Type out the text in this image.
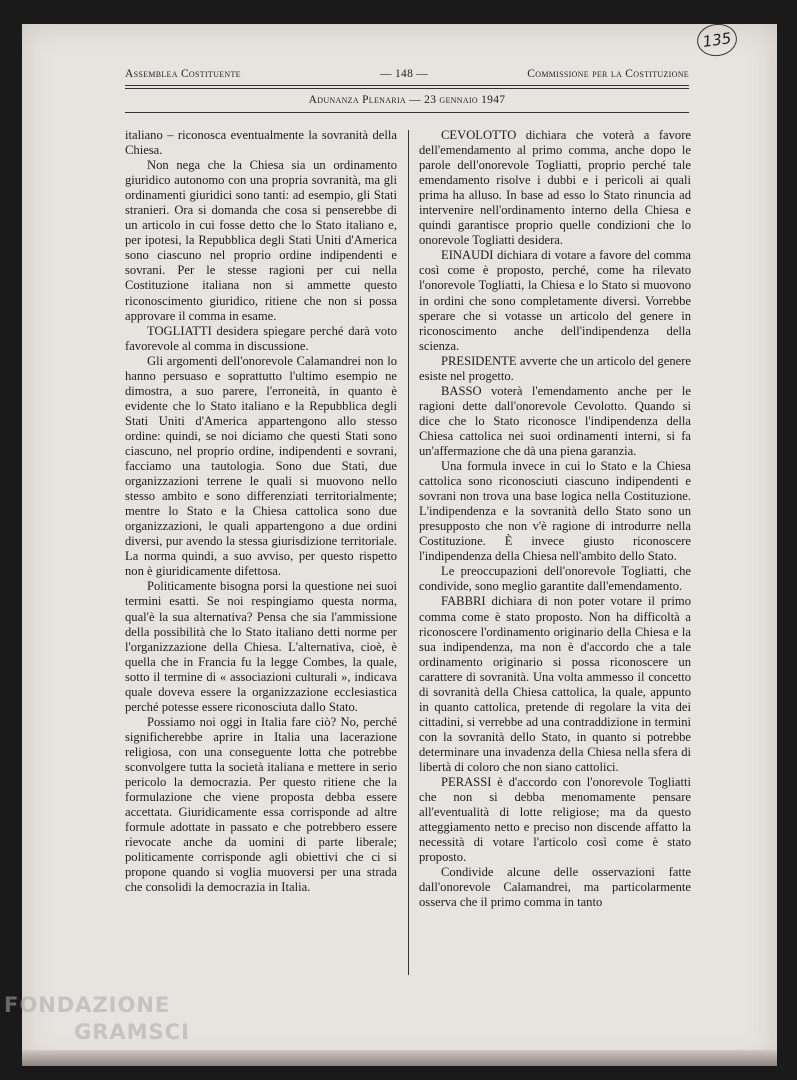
135
Assemblea Costituente	— 148 —	Commissione per la Costituzione
Adunanza Plenaria — 23 gennaio 1947

italiano – riconosca eventualmente la sovranità della Chiesa.

Non nega che la Chiesa sia un ordinamento giuridico autonomo con una propria sovranità, ma gli ordinamenti giuridici sono tanti: ad esempio, gli Stati stranieri. Ora si domanda che cosa si penserebbe di un articolo in cui fosse detto che lo Stato italiano e, per ipotesi, la Repubblica degli Stati Uniti d'America sono ciascuno nel proprio ordine indipendenti e sovrani. Per le stesse ragioni per cui nella Costituzione italiana non si ammette questo riconoscimento giuridico, ritiene che non si possa approvare il comma in esame.

TOGLIATTI desidera spiegare perché darà voto favorevole al comma in discussione.

Gli argomenti dell'onorevole Calamandrei non lo hanno persuaso e soprattutto l'ultimo esempio ne dimostra, a suo parere, l'erroneità, in quanto è evidente che lo Stato italiano e la Repubblica degli Stati Uniti d'America appartengono allo stesso ordine: quindi, se noi diciamo che questi Stati sono ciascuno, nel proprio ordine, indipendenti e sovrani, facciamo una tautologia. Sono due Stati, due organizzazioni terrene le quali si muovono nello stesso ambito e sono differenziati territorialmente; mentre lo Stato e la Chiesa cattolica sono due organizzazioni, le quali appartengono a due ordini diversi, pur avendo la stessa giurisdizione territoriale. La norma quindi, a suo avviso, per questo rispetto non è giuridicamente difettosa.

Politicamente bisogna porsi la questione nei suoi termini esatti. Se noi respingiamo questa norma, qual'è la sua alternativa? Pensa che sia l'ammissione della possibilità che lo Stato italiano detti norme per l'organizzazione della Chiesa. L'alternativa, cioè, è quella che in Francia fu la legge Combes, la quale, sotto il termine di « associazioni culturali », indicava quale doveva essere la organizzazione ecclesiastica perché potesse essere riconosciuta dallo Stato.

Possiamo noi oggi in Italia fare ciò? No, perché significherebbe aprire in Italia una lacerazione religiosa, con una conseguente lotta che potrebbe sconvolgere tutta la società italiana e mettere in serio pericolo la democrazia. Per questo ritiene che la formulazione che viene proposta debba essere accettata. Giuridicamente essa corrisponde ad altre formule adottate in passato e che potrebbero essere rievocate anche da uomini di parte liberale; politicamente corrisponde agli obiettivi che ci si propone quando si voglia muoversi per una strada che consolidi la democrazia in Italia.

CEVOLOTTO dichiara che voterà a favore dell'emendamento al primo comma, anche dopo le parole dell'onorevole Togliatti, proprio perché tale emendamento risolve i dubbi e i pericoli ai quali prima ha alluso. In base ad esso lo Stato rinuncia ad intervenire nell'ordinamento interno della Chiesa e quindi garantisce proprio quelle condizioni che lo onorevole Togliatti desidera.

EINAUDI dichiara di votare a favore del comma così come è proposto, perché, come ha rilevato l'onorevole Togliatti, la Chiesa e lo Stato si muovono in ordini che sono completamente diversi. Vorrebbe sperare che si votasse un articolo del genere in riconoscimento anche dell'indipendenza della scienza.

PRESIDENTE avverte che un articolo del genere esiste nel progetto.

BASSO voterà l'emendamento anche per le ragioni dette dall'onorevole Cevolotto. Quando si dice che lo Stato riconosce l'indipendenza della Chiesa cattolica nei suoi ordinamenti interni, si fa un'affermazione che dà una piena garanzia.

Una formula invece in cui lo Stato e la Chiesa cattolica sono riconosciuti ciascuno indipendenti e sovrani non trova una base logica nella Costituzione. L'indipendenza e la sovranità dello Stato sono un presupposto che non v'è ragione di introdurre nella Costituzione. È invece giusto riconoscere l'indipendenza della Chiesa nell'ambito dello Stato.

Le preoccupazioni dell'onorevole Togliatti, che condivide, sono meglio garantite dall'emendamento.

FABBRI dichiara di non poter votare il primo comma come è stato proposto. Non ha difficoltà a riconoscere l'ordinamento originario della Chiesa e la sua indipendenza, ma non è d'accordo che a tale ordinamento originario si possa riconoscere un carattere di sovranità. Una volta ammesso il concetto di sovranità della Chiesa cattolica, la quale, appunto in quanto cattolica, pretende di regolare la vita dei cittadini, si verrebbe ad una contraddizione in termini con la sovranità dello Stato, in quanto si potrebbe determinare una invadenza della Chiesa nella sfera di libertà di coloro che non siano cattolici.

PERASSI è d'accordo con l'onorevole Togliatti che non si debba menomamente pensare all'eventualità di lotte religiose; ma da questo atteggiamento netto e preciso non discende affatto la necessità di votare l'articolo così come è stato proposto.

Condivide alcune delle osservazioni fatte dall'onorevole Calamandrei, ma particolarmente osserva che il primo comma in tanto

FONDAZIONE
GRAMSCI
